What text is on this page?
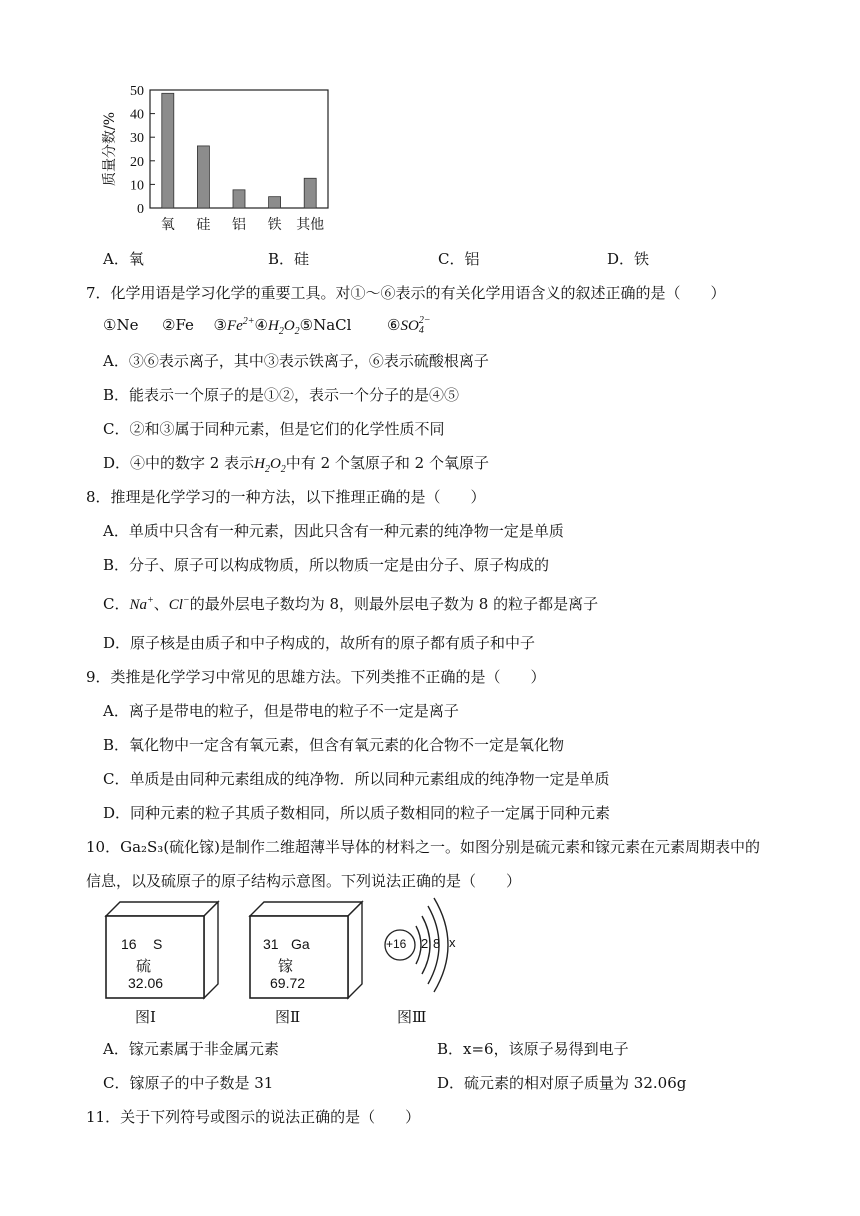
0
10
20
30
40
50
质量分数/%
氧 硅 铝 铁 其他
A．氧	B．硅	C．铝	D．铁
7．化学用语是学习化学的重要工具。对①～⑥表示的有关化学用语含义的叙述正确的是（　　）
①Ne ②Fe $③Fe^{2+}④H_2O_2⑤NaCl$ ⑥SO 2−
4
A．③⑥表示离子，其中③表示铁离子，⑥表示硫酸根离子
B．能表示一个原子的是①②，表示一个分子的是④⑤
C．②和③属于同种元素，但是它们的化学性质不同
D．④中的数字 2 表示$H_2O_2$中有 2 个氢原子和 2 个氧原子
8．推理是化学学习的一种方法，以下推理正确的是（　　）
A．单质中只含有一种元素，因此只含有一种元素的纯净物一定是单质
B．分子、原子可以构成物质，所以物质一定是由分子、原子构成的
C．Na+、Cl−的最外层电子数均为 8，则最外层电子数为 8 的粒子都是离子
D．原子核是由质子和中子构成的，故所有的原子都有质子和中子
9．类推是化学学习中常见的思雄方法。下列类推不正确的是（　　）
A．离子是带电的粒子，但是带电的粒子不一定是离子
B．氧化物中一定含有氧元素，但含有氧元素的化合物不一定是氧化物
C．单质是由同种元素组成的纯净物．所以同种元素组成的纯净物一定是单质
D．同种元素的粒子其质子数相同，所以质子数相同的粒子一定属于同种元素
10．Ga₂S₃(硫化镓)是制作二维超薄半导体的材料之一。如图分别是硫元素和镓元素在元素周期表中的
信息，以及硫原子的原子结构示意图。下列说法正确的是（　　）
16 S
硫
32.06
图Ⅰ
31 Ga
镓
69.72
图Ⅱ
+16 2 8 x
图Ⅲ
A．镓元素属于非金属元素	B．x=6，该原子易得到电子
C．镓原子的中子数是 31	D．硫元素的相对原子质量为 32.06g
11．关于下列符号或图示的说法正确的是（　　）
